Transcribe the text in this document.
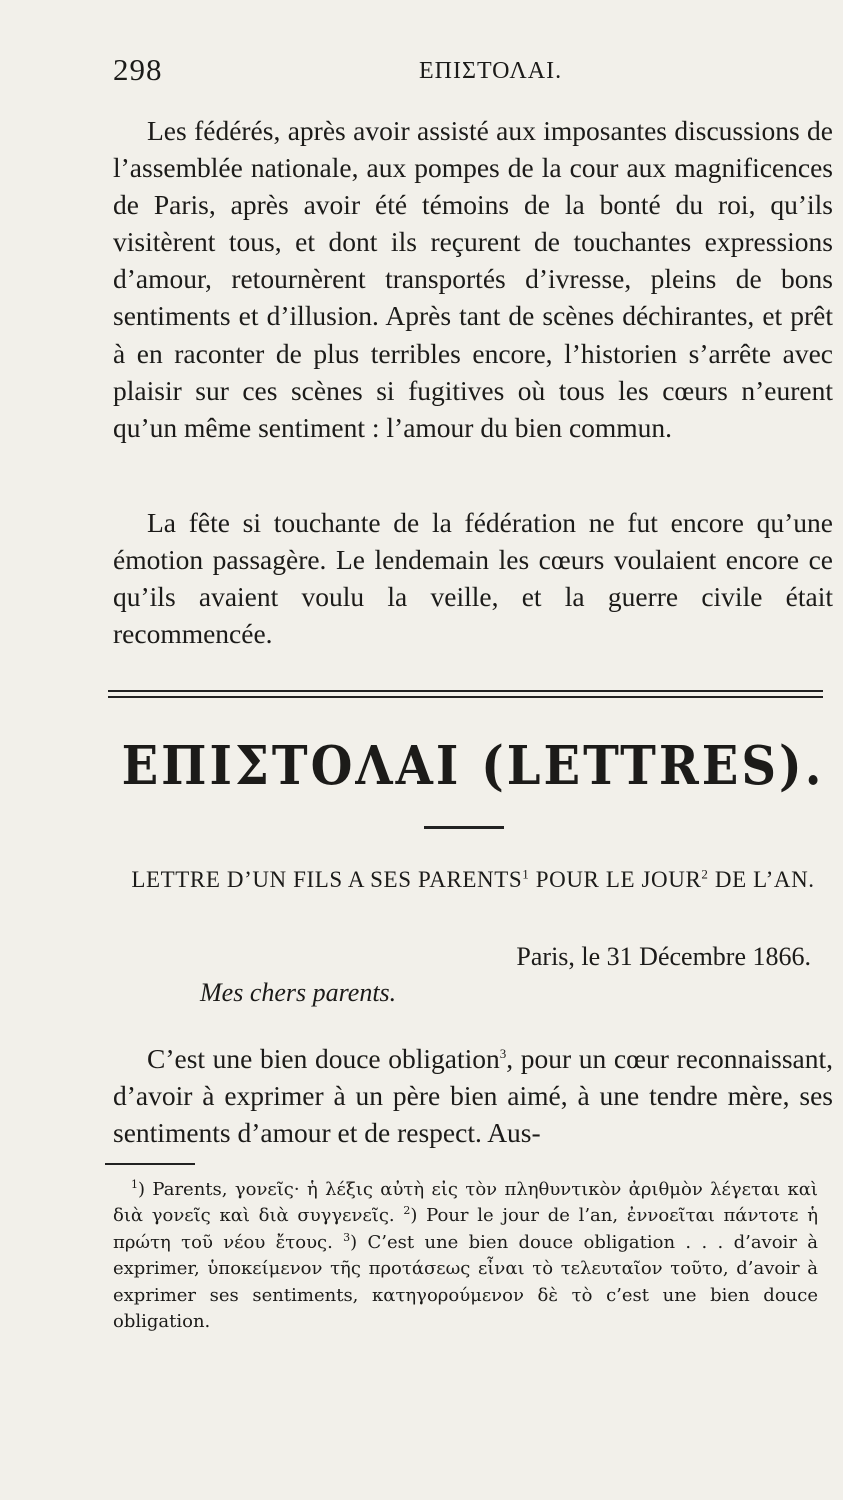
298	ΕΠΙΣΤΟΛΑΙ.

Les fédérés, après avoir assisté aux imposantes discussions de l’assemblée nationale, aux pompes de la cour aux magnificences de Paris, après avoir été témoins de la bonté du roi, qu’ils visitèrent tous, et dont ils reçurent de touchantes expressions d’amour, retournèrent transportés d’ivresse, pleins de bons sentiments et d’illusion. Après tant de scènes déchirantes, et prêt à en raconter de plus terribles encore, l’historien s’arrête avec plaisir sur ces scènes si fugitives où tous les cœurs n’eurent qu’un même sentiment : l’amour du bien commun.

La fête si touchante de la fédération ne fut encore qu’une émotion passagère. Le lendemain les cœurs voulaient encore ce qu’ils avaient voulu la veille, et la guerre civile était recommencée.

ΕΠΙΣΤΟΛΑΙ (LETTRES).
LETTRE D’UN FILS A SES PARENTS$^1$ POUR LE JOUR$^2$ DE L’AN.
Paris, le 31 Décembre 1866.
Mes chers parents.

C’est une bien douce obligation$^3$, pour un cœur reconnaissant, d’avoir à exprimer à un père bien aimé, à une tendre mère, ses sentiments d’amour et de respect. Aus-

$^1$) Parents, γονεῖς· ἡ λέξις αὐτὴ εἰς τὸν πληθυντικὸν ἀριθμὸν λέγεται καὶ διὰ γονεῖς καὶ διὰ συγγενεῖς. $^2$) Pour le jour de l’an, ἐννοεῖται πάντοτε ἡ πρώτη τοῦ νέου ἔτους. $^3$) C’est une bien douce obligation . . . d’avoir à exprimer, ὑποκείμενον τῆς προτάσεως εἶναι τὸ τελευταῖον τοῦτο, d’avoir à exprimer ses sentiments, κατηγορούμενον δὲ τὸ c’est une bien douce obligation.
